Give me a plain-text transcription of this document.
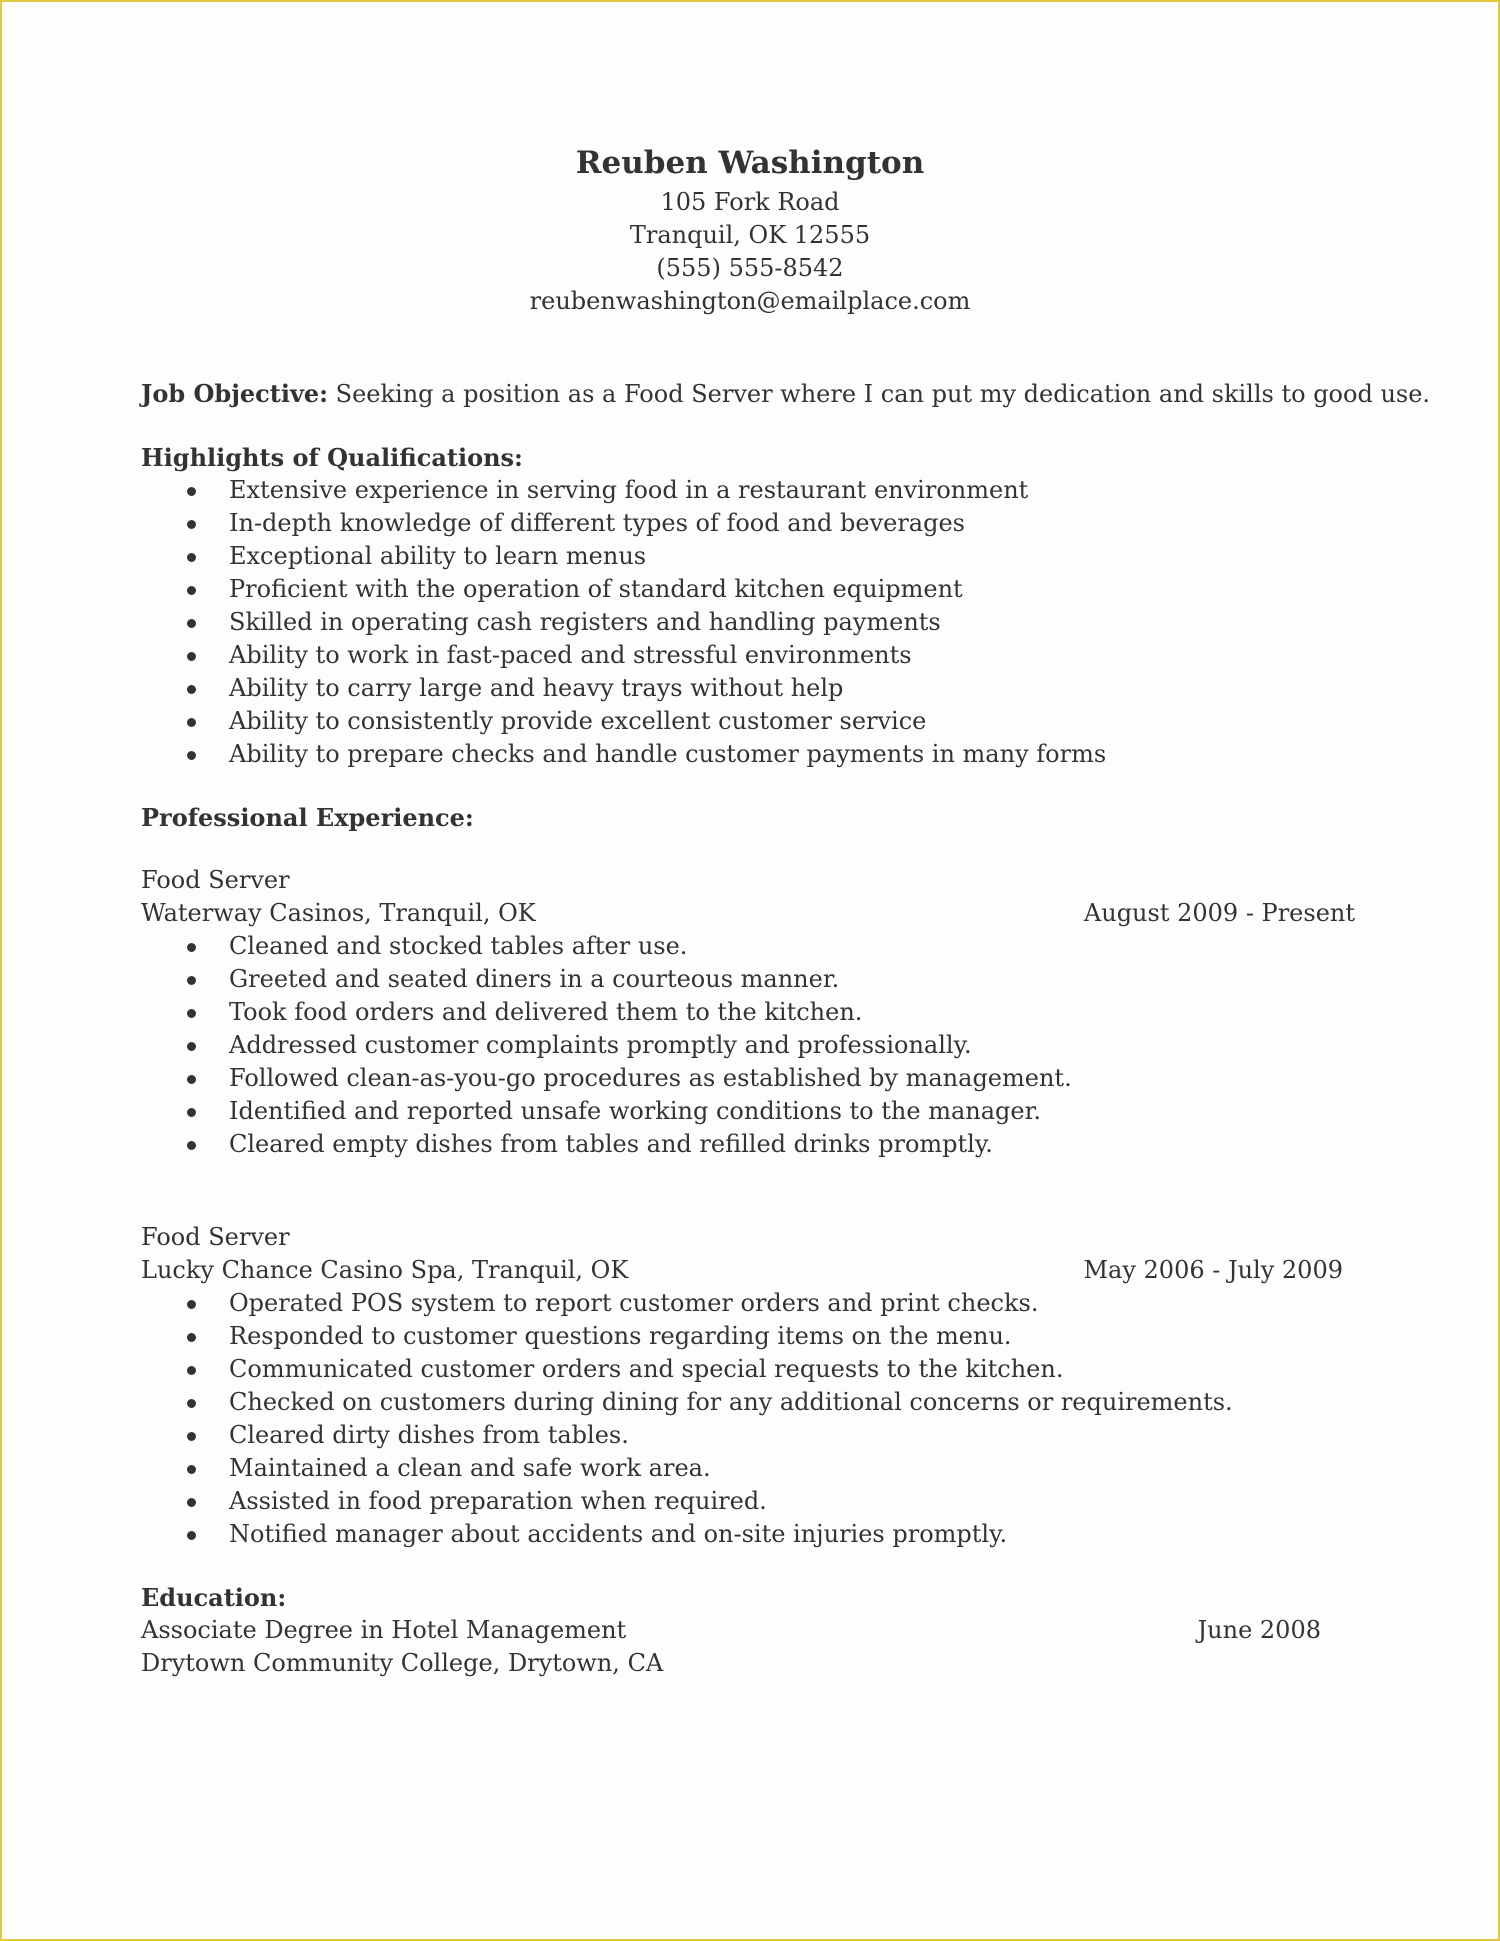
Reuben Washington

105 Fork Road

Tranquil, OK 12555

(555) 555-8542

reubenwashington@emailplace.com

Job Objective: Seeking a position as a Food Server where I can put my dedication and skills to good use.

Highlights of Qualifications:

Extensive experience in serving food in a restaurant environment
In-depth knowledge of different types of food and beverages
Exceptional ability to learn menus
Proficient with the operation of standard kitchen equipment
Skilled in operating cash registers and handling payments
Ability to work in fast-paced and stressful environments
Ability to carry large and heavy trays without help
Ability to consistently provide excellent customer service
Ability to prepare checks and handle customer payments in many forms

Professional Experience:

Food Server
Waterway Casinos, Tranquil, OK	August 2009 - Present
Cleaned and stocked tables after use.
Greeted and seated diners in a courteous manner.
Took food orders and delivered them to the kitchen.
Addressed customer complaints promptly and professionally.
Followed clean-as-you-go procedures as established by management.
Identified and reported unsafe working conditions to the manager.
Cleared empty dishes from tables and refilled drinks promptly.
Food Server
Lucky Chance Casino Spa, Tranquil, OK	May 2006 - July 2009
Operated POS system to report customer orders and print checks.
Responded to customer questions regarding items on the menu.
Communicated customer orders and special requests to the kitchen.
Checked on customers during dining for any additional concerns or requirements.
Cleared dirty dishes from tables.
Maintained a clean and safe work area.
Assisted in food preparation when required.
Notified manager about accidents and on-site injuries promptly.

Education:

Associate Degree in Hotel Management	June 2008
Drytown Community College, Drytown, CA
